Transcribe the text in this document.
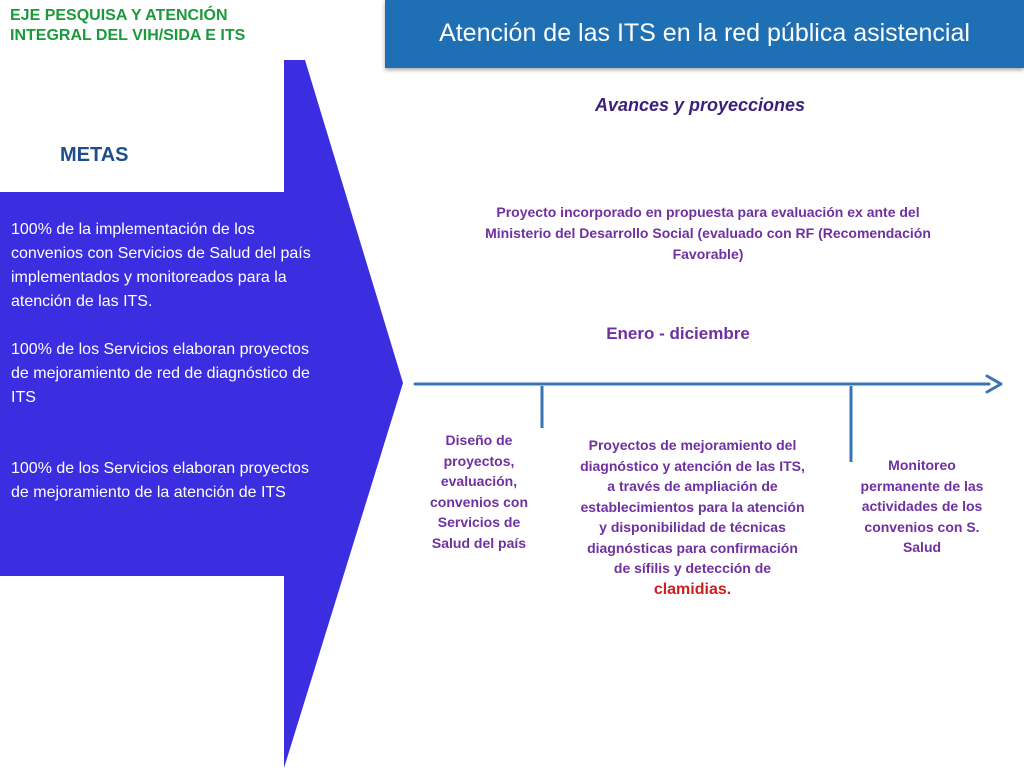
EJE PESQUISA Y ATENCIÓN
INTEGRAL DEL VIH/SIDA E ITS	Atención de las ITS en la red pública asistencial
METAS
100% de la implementación de los convenios con Servicios de Salud del país implementados y monitoreados para la atención de las ITS.
100% de los Servicios elaboran proyectos de mejoramiento de red de diagnóstico de ITS
100% de los Servicios elaboran proyectos de mejoramiento de la atención de ITS
Avances y proyecciones
Proyecto incorporado en propuesta para evaluación ex ante del Ministerio del Desarrollo Social (evaluado con RF (Recomendación Favorable)
Enero - diciembre
Diseño de proyectos, evaluación, convenios con Servicios de Salud del país
Proyectos de mejoramiento del diagnóstico y atención de las ITS, a través de ampliación de establecimientos para la atención y disponibilidad de técnicas diagnósticas para confirmación de sífilis y detección de clamidias.
Monitoreo permanente de las actividades de los convenios con S. Salud
